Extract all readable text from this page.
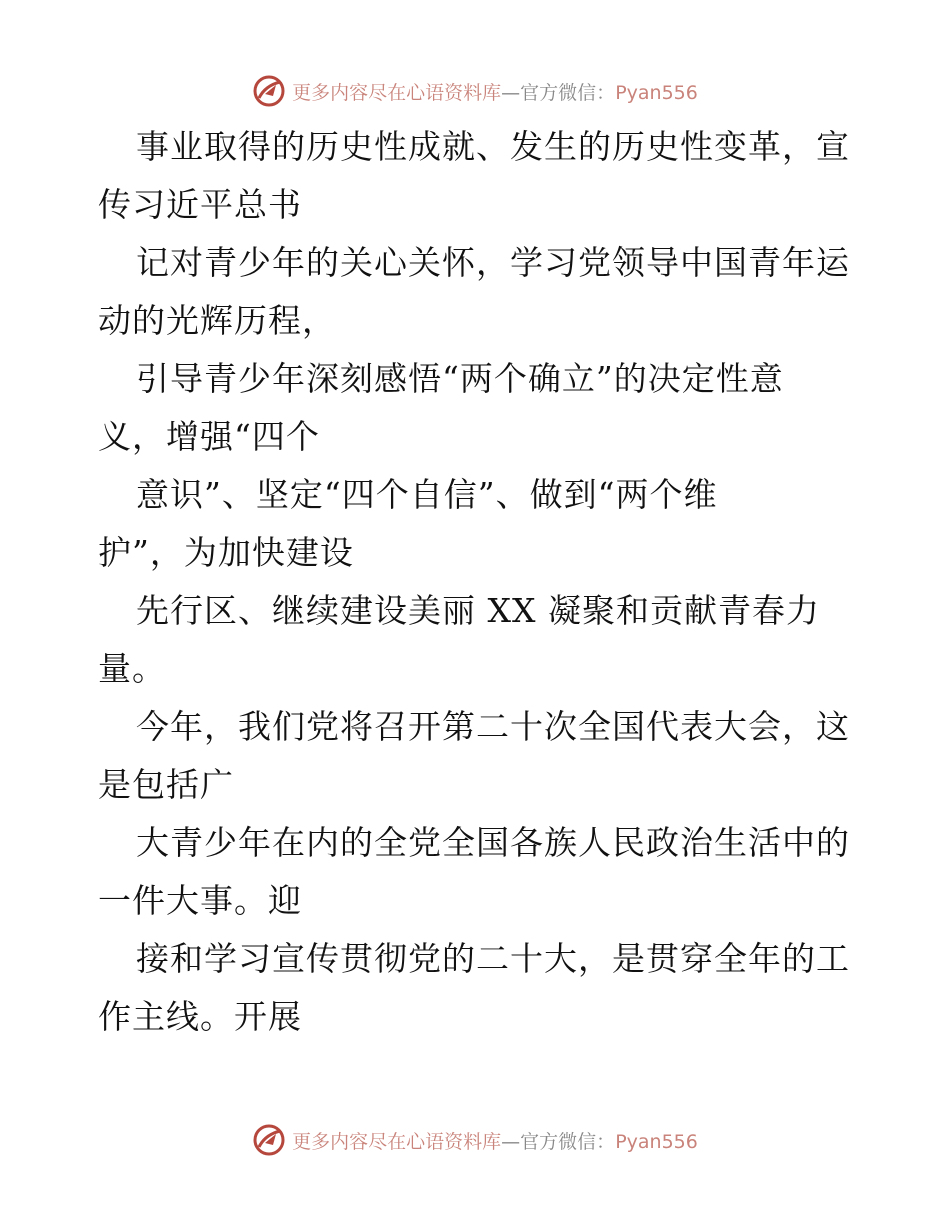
更多内容尽在心语资料库—官方微信：Pyan556
事业取得的历史性成就、发生的历史性变革，宣
传习近平总书
记对青少年的关心关怀，学习党领导中国青年运
动的光辉历程，
引导青少年深刻感悟“两个确立”的决定性意
义，增强“四个
意识”、坚定“四个自信”、做到“两个维
护”，为加快建设
先行区、继续建设美丽 XX 凝聚和贡献青春力
量。
今年，我们党将召开第二十次全国代表大会，这
是包括广
大青少年在内的全党全国各族人民政治生活中的
一件大事。迎
接和学习宣传贯彻党的二十大，是贯穿全年的工
作主线。开展
更多内容尽在心语资料库—官方微信：Pyan556
